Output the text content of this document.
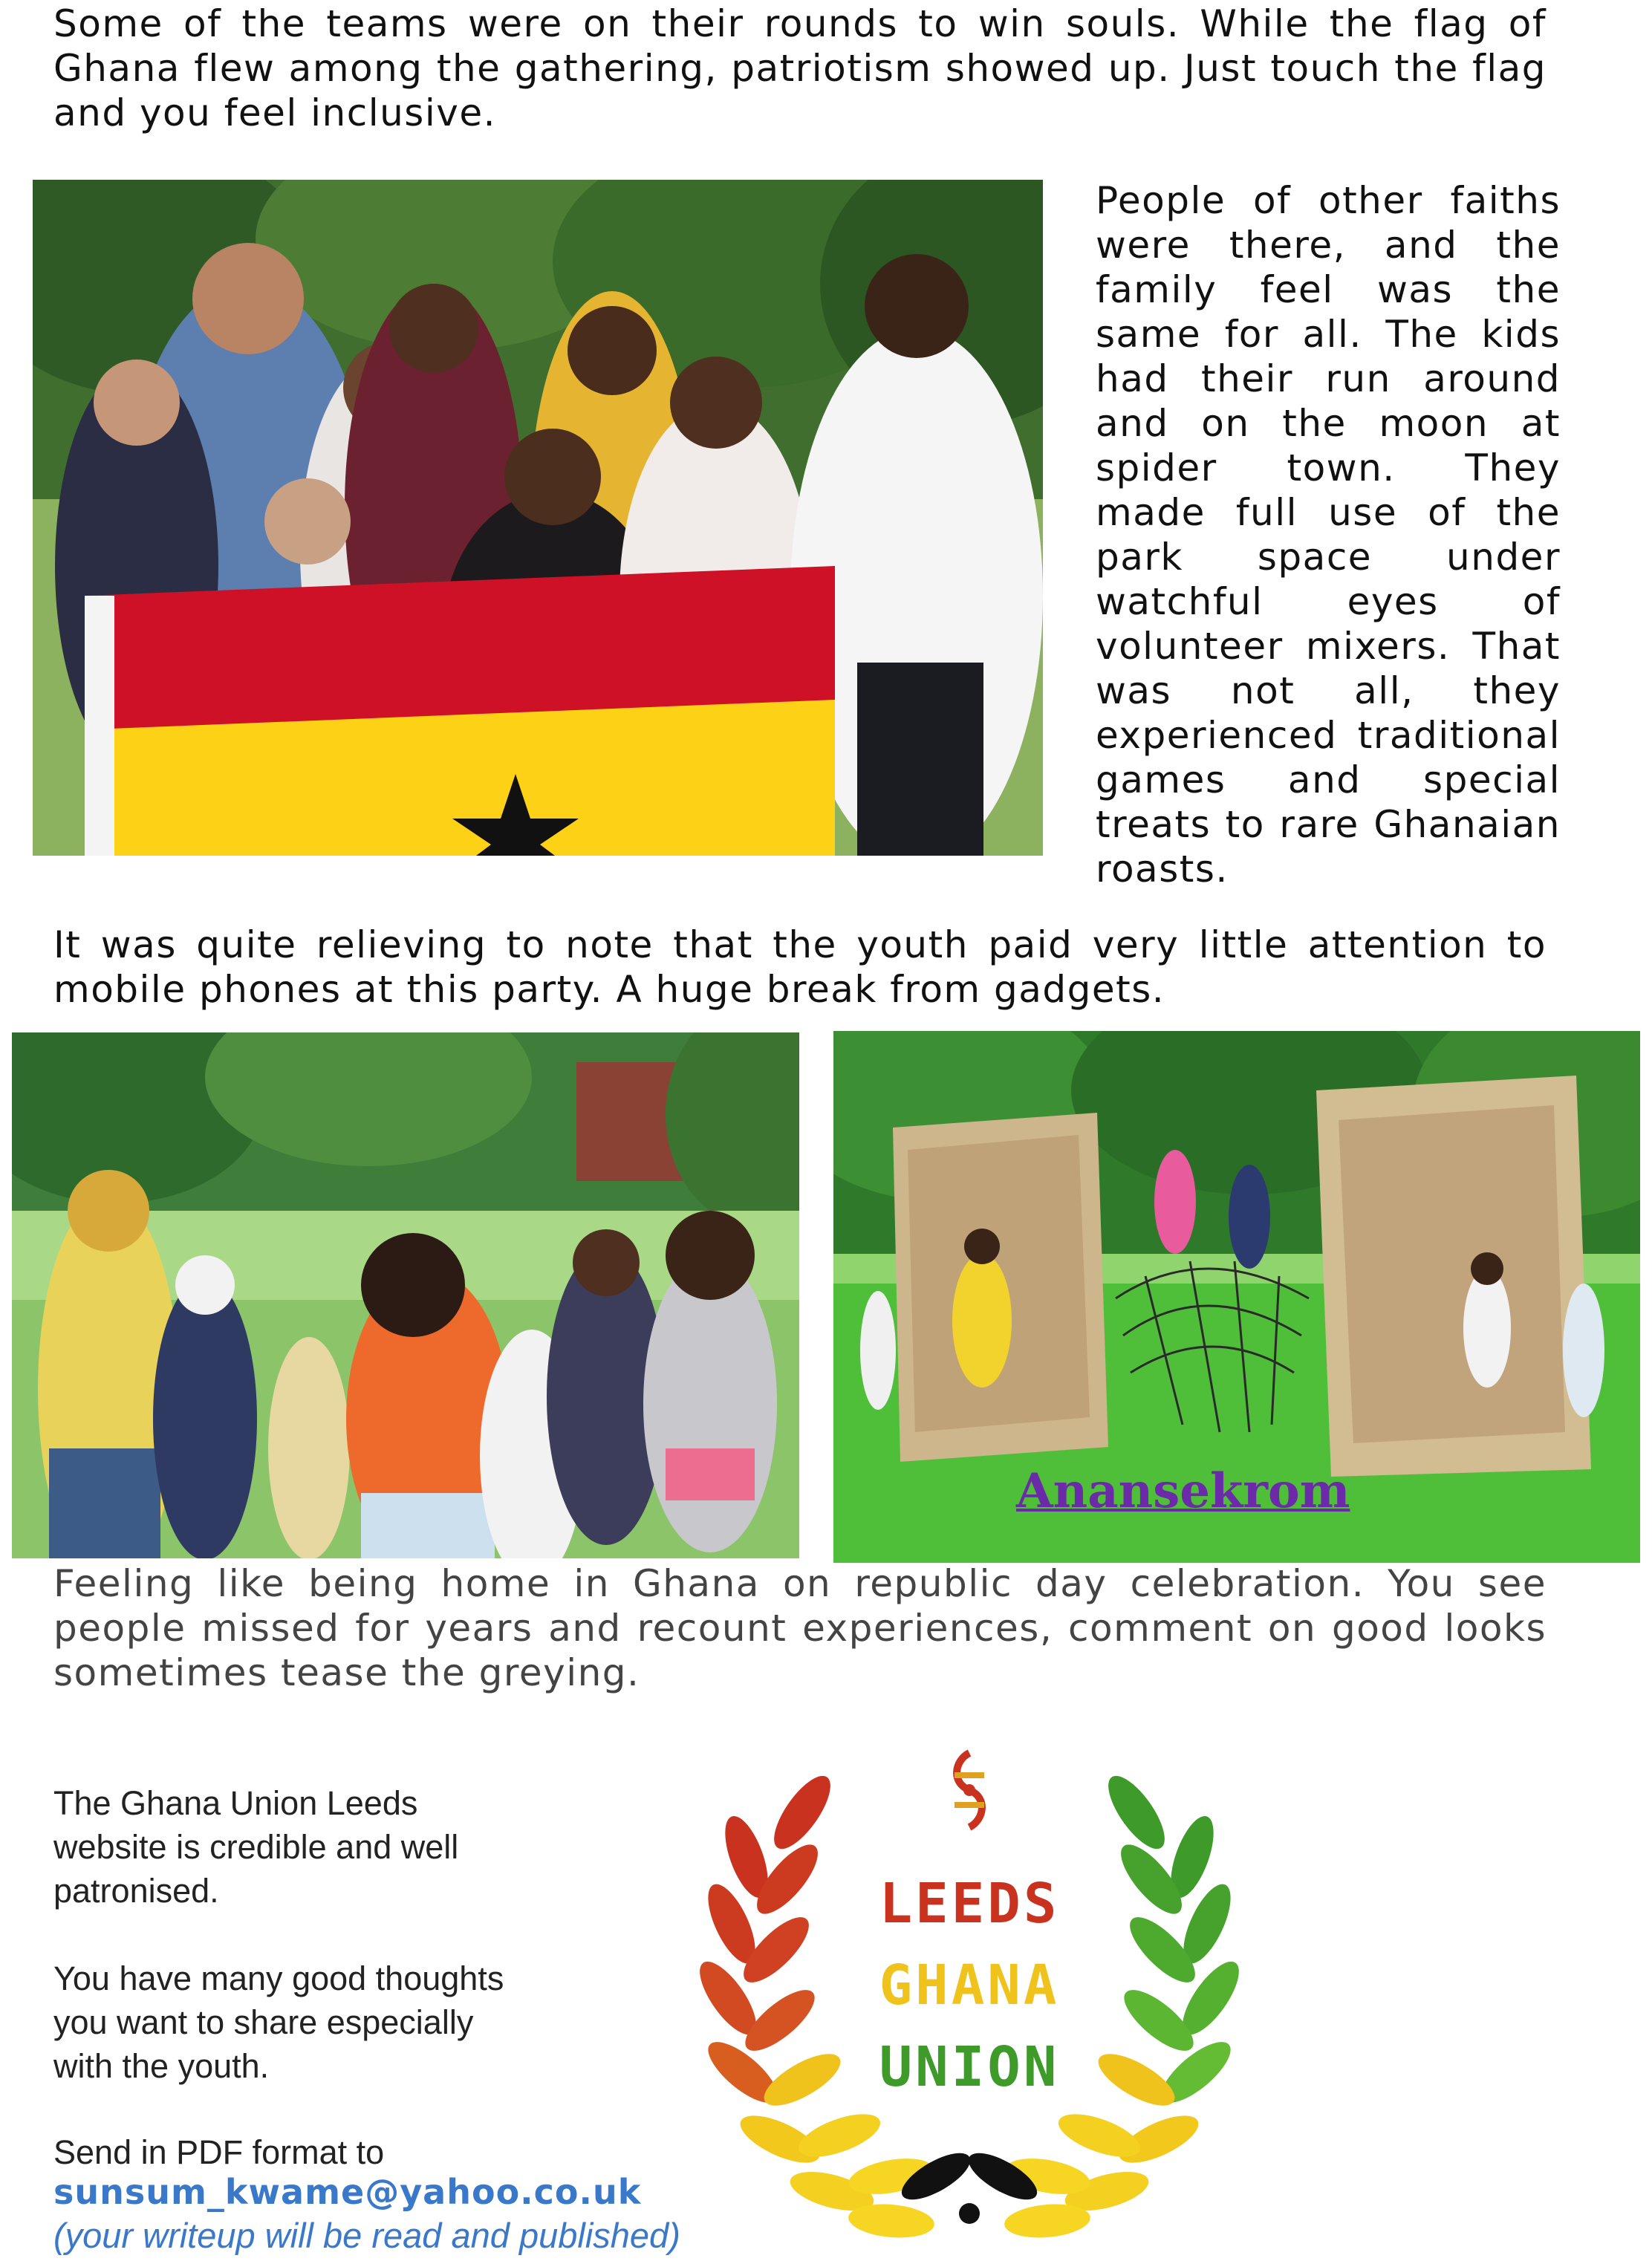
Some of the teams were on their rounds to win souls. While the flag of Ghana flew among the gathering, patriotism showed up. Just touch the flag and you feel inclusive.

People of other faiths were there, and the family feel was the same for all. The kids had their run around and on the moon at spider town. They made full use of the park space under watchful eyes of volunteer mixers. That was not all, they experienced traditional games and special treats to rare Ghanaian roasts.

It was quite relieving to note that the youth paid very little attention to mobile phones at this party. A huge break from gadgets.

Anansekrom

Feeling like being home in Ghana on republic day celebration. You see people missed for years and recount experiences, comment on good looks sometimes tease the greying.

The Ghana Union Leeds website is credible and well patronised.

You have many good thoughts you want to share especially with the youth.

Send in PDF format to

sunsum_kwame@yahoo.co.uk
(your writeup will be read and published)
LEEDS
GHANA
UNION
